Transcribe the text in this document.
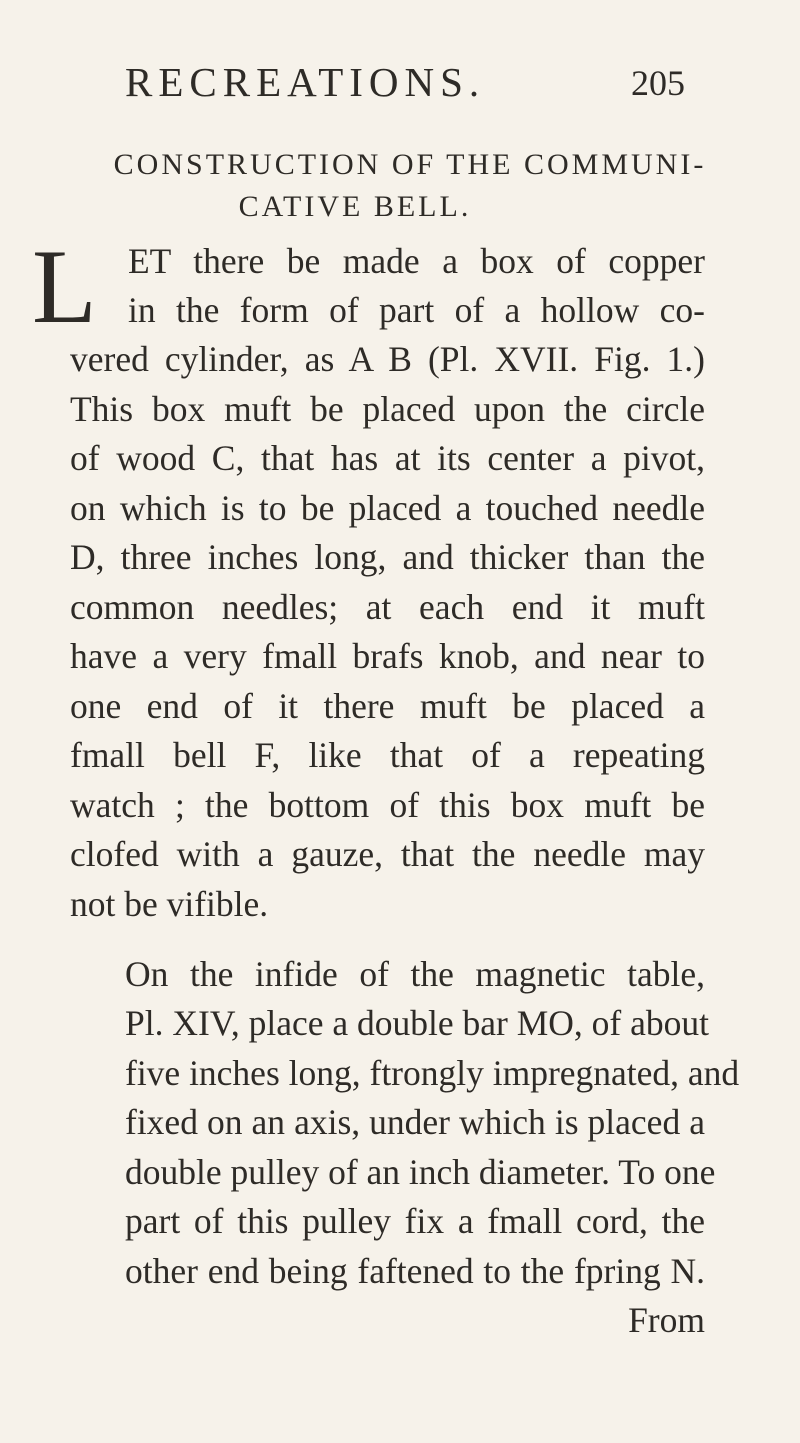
RECREATIONS.	205
CONSTRUCTION OF THE COMMUNI-
CATIVE BELL.
L ET there be made a box of copper
in the form of part of a hollow co-
vered cylinder, as A B (Pl. XVII. Fig. 1.)
This box muft be placed upon the circle
of wood C, that has at its center a pivot,
on which is to be placed a touched needle
D, three inches long, and thicker than the
common needles; at each end it muft
have a very fmall brafs knob, and near to
one end of it there muft be placed a
fmall bell F, like that of a repeating
watch ; the bottom of this box muft be
clofed with a gauze, that the needle may
not be vifible.
On the infide of the magnetic table,
Pl. XIV, place a double bar MO, of about
five inches long, ftrongly impregnated, and
fixed on an axis, under which is placed a
double pulley of an inch diameter. To one
part of this pulley fix a fmall cord, the
other end being faftened to the fpring N.
From
